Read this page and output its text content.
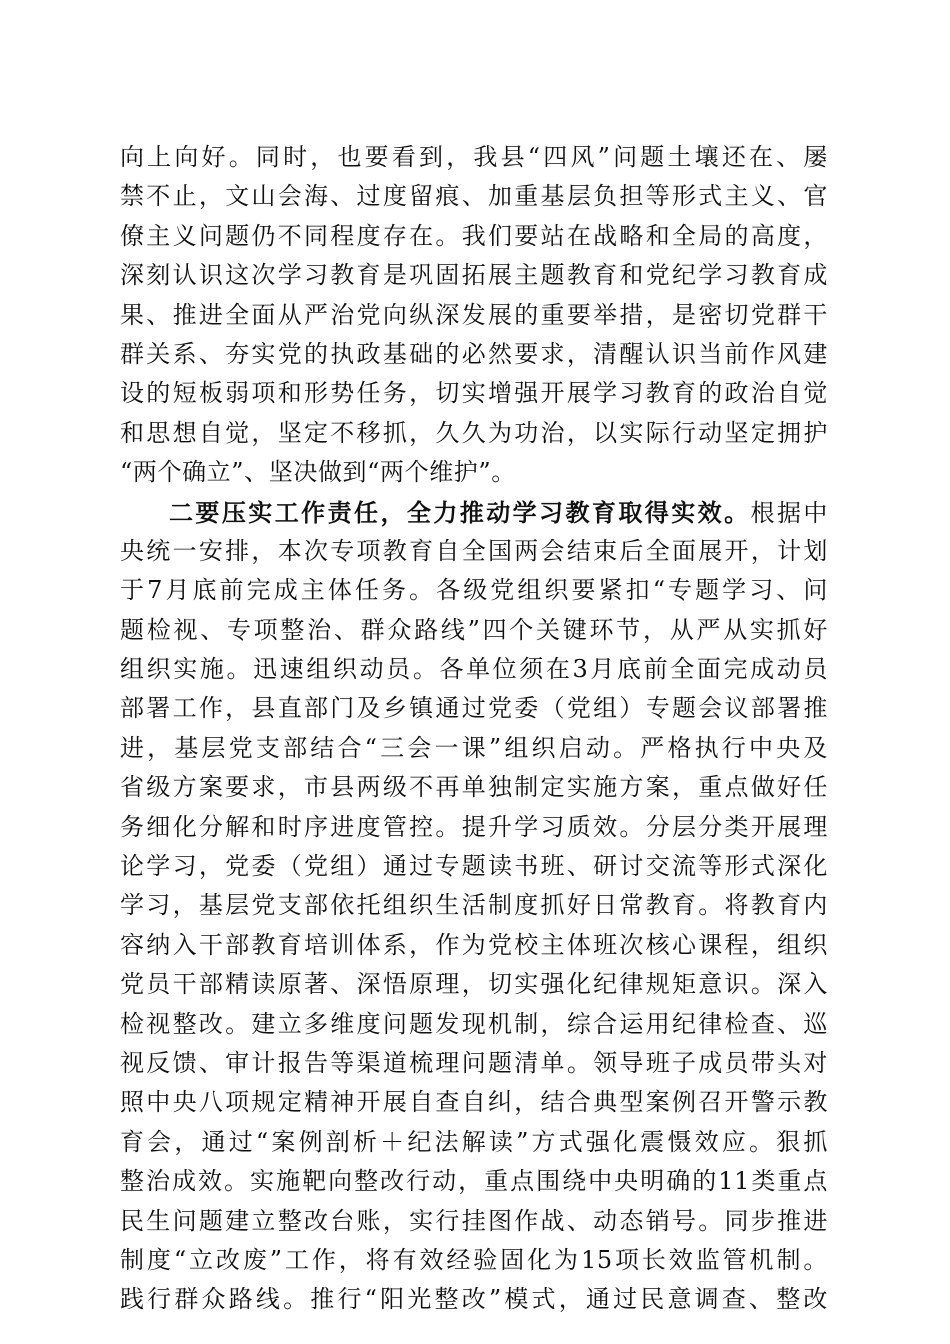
向上向好。同时，也要看到，我县“四风”问题土壤还在、屡
禁不止，文山会海、过度留痕、加重基层负担等形式主义、官
僚主义问题仍不同程度存在。我们要站在战略和全局的高度，
深刻认识这次学习教育是巩固拓展主题教育和党纪学习教育成
果、推进全面从严治党向纵深发展的重要举措，是密切党群干
群关系、夯实党的执政基础的必然要求，清醒认识当前作风建
设的短板弱项和形势任务，切实增强开展学习教育的政治自觉
和思想自觉，坚定不移抓，久久为功治，以实际行动坚定拥护
“两个确立”、坚决做到“两个维护”。
二要压实工作责任，全力推动学习教育取得实效。根据中
央统一安排，本次专项教育自全国两会结束后全面展开，计划
于7月底前完成主体任务。各级党组织要紧扣“专题学习、问
题检视、专项整治、群众路线”四个关键环节，从严从实抓好
组织实施。迅速组织动员。各单位须在3月底前全面完成动员
部署工作，县直部门及乡镇通过党委（党组）专题会议部署推
进，基层党支部结合“三会一课”组织启动。严格执行中央及
省级方案要求，市县两级不再单独制定实施方案，重点做好任
务细化分解和时序进度管控。提升学习质效。分层分类开展理
论学习，党委（党组）通过专题读书班、研讨交流等形式深化
学习，基层党支部依托组织生活制度抓好日常教育。将教育内
容纳入干部教育培训体系，作为党校主体班次核心课程，组织
党员干部精读原著、深悟原理，切实强化纪律规矩意识。深入
检视整改。建立多维度问题发现机制，综合运用纪律检查、巡
视反馈、审计报告等渠道梳理问题清单。领导班子成员带头对
照中央八项规定精神开展自查自纠，结合典型案例召开警示教
育会，通过“案例剖析＋纪法解读”方式强化震慑效应。狠抓
整治成效。实施靶向整改行动，重点围绕中央明确的11类重点
民生问题建立整改台账，实行挂图作战、动态销号。同步推进
制度“立改废”工作，将有效经验固化为15项长效监管机制。
践行群众路线。推行“阳光整改”模式，通过民意调查、整改
